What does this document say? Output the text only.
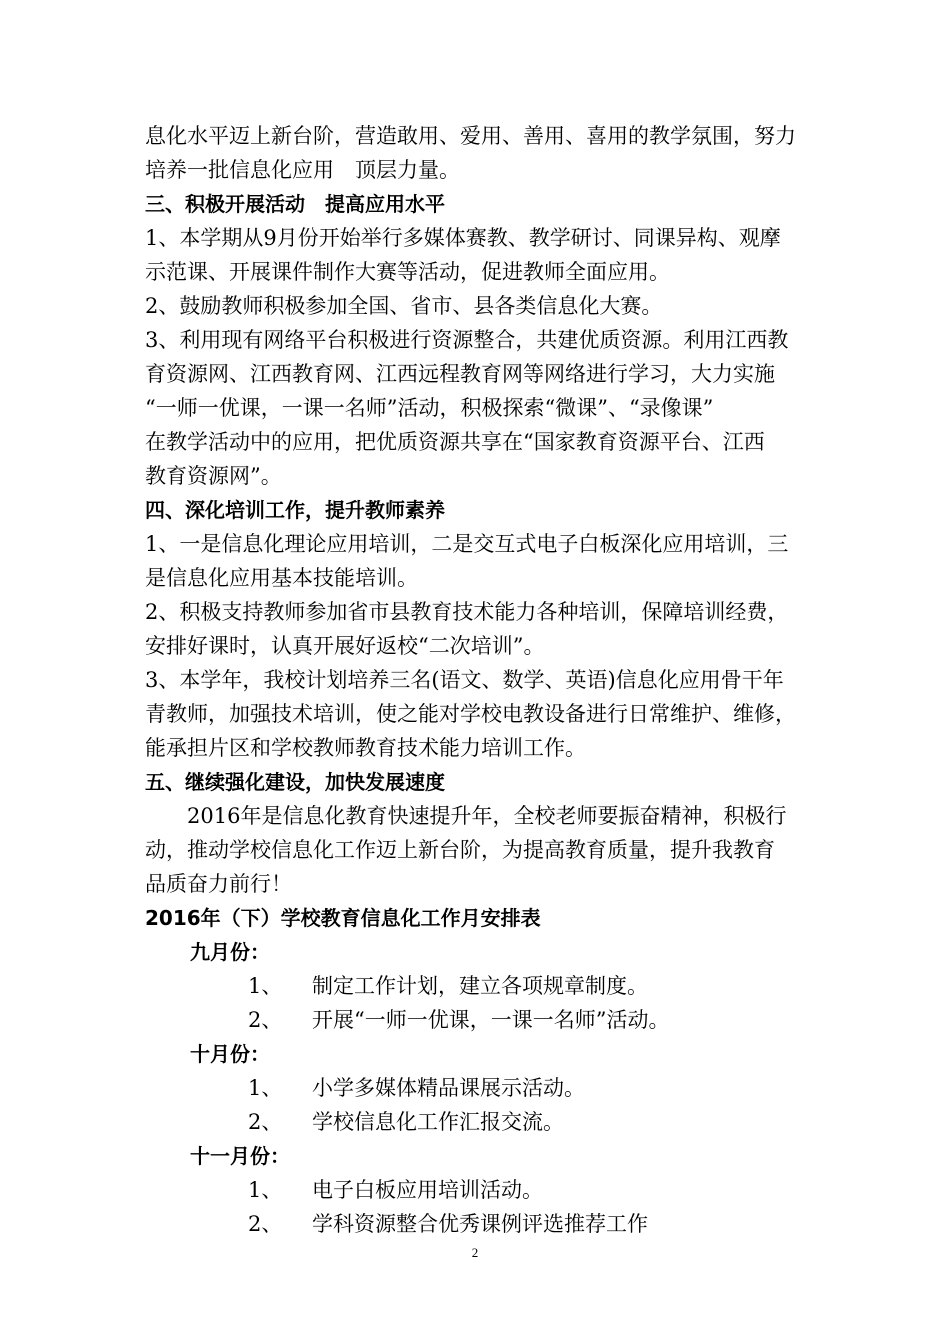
息化水平迈上新台阶，营造敢用、爱用、善用、喜用的教学氛围，努力
培养一批信息化应用　顶层力量。
三、积极开展活动　提高应用水平
1、本学期从9月份开始举行多媒体赛教、教学研讨、同课异构、观摩
示范课、开展课件制作大赛等活动，促进教师全面应用。
2、鼓励教师积极参加全国、省市、县各类信息化大赛。
3、利用现有网络平台积极进行资源整合，共建优质资源。利用江西教
育资源网、江西教育网、江西远程教育网等网络进行学习，大力实施
“一师一优课，一课一名师”活动，积极探索“微课”、“录像课”
在教学活动中的应用，把优质资源共享在“国家教育资源平台、江西
教育资源网”。
四、深化培训工作，提升教师素养
1、一是信息化理论应用培训，二是交互式电子白板深化应用培训，三
是信息化应用基本技能培训。
2、积极支持教师参加省市县教育技术能力各种培训，保障培训经费，
安排好课时，认真开展好返校“二次培训”。
3、本学年，我校计划培养三名(语文、数学、英语)信息化应用骨干年
青教师，加强技术培训，使之能对学校电教设备进行日常维护、维修，
能承担片区和学校教师教育技术能力培训工作。
五、继续强化建设，加快发展速度
　　2016年是信息化教育快速提升年，全校老师要振奋精神，积极行
动，推动学校信息化工作迈上新台阶，为提高教育质量，提升我教育
品质奋力前行！
2016年（下）学校教育信息化工作月安排表
九月份：
1、 制定工作计划，建立各项规章制度。
2、 开展“一师一优课，一课一名师”活动。
十月份：
1、 小学多媒体精品课展示活动。
2、 学校信息化工作汇报交流。
十一月份：
1、 电子白板应用培训活动。
2、 学科资源整合优秀课例评选推荐工作
2
